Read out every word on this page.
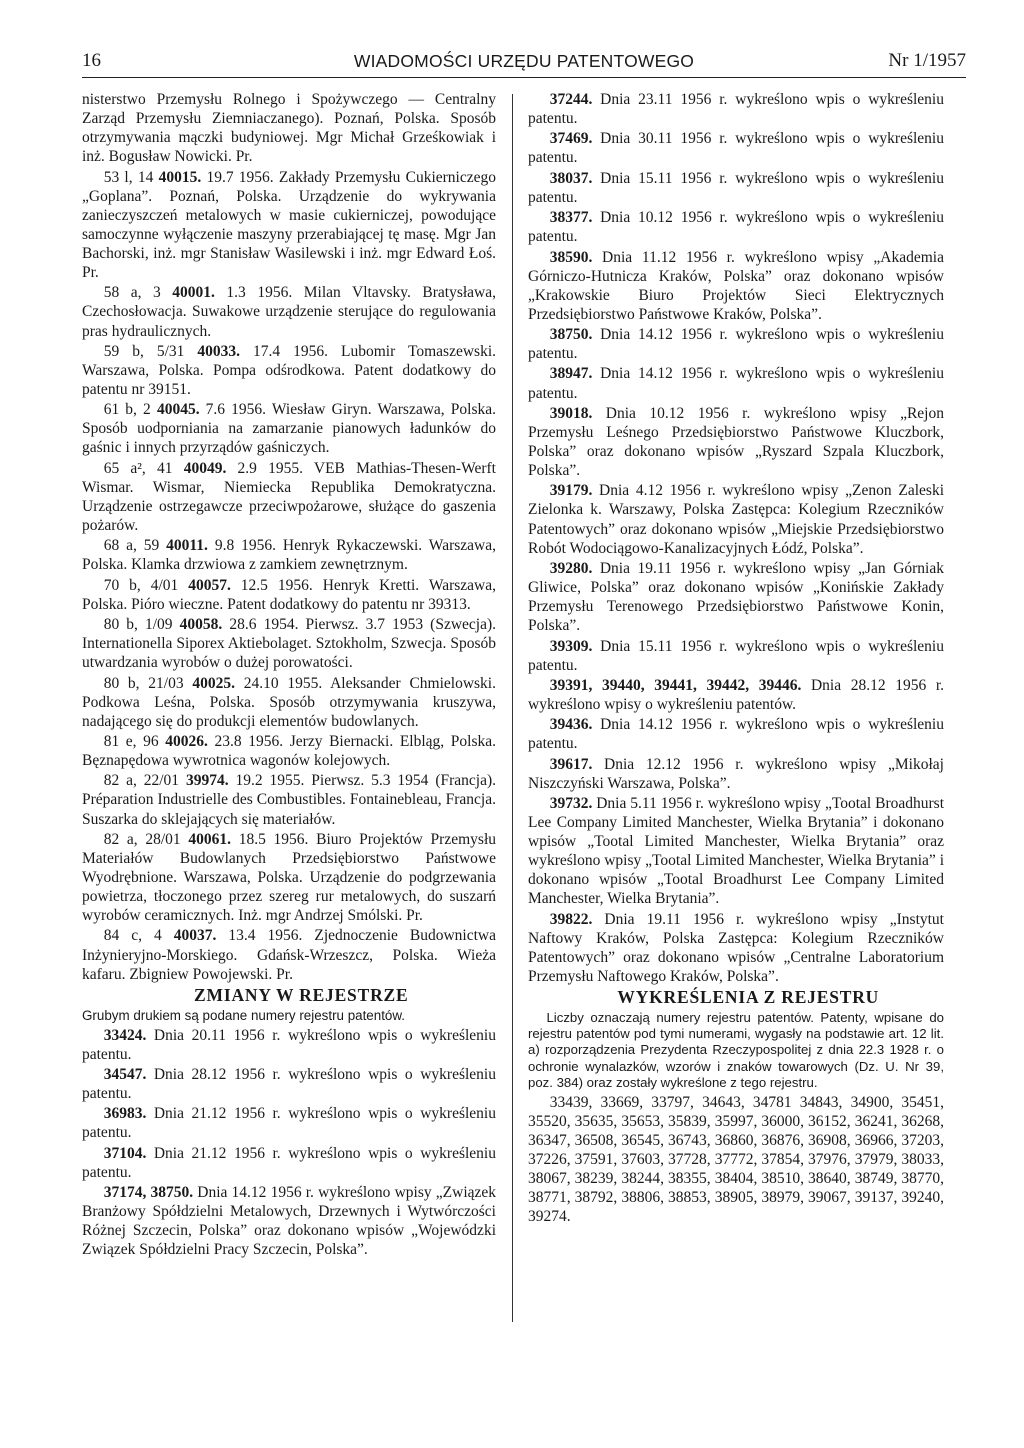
16	WIADOMOŚCI URZĘDU PATENTOWEGO	Nr 1/1957

nisterstwo Przemysłu Rolnego i Spożywczego — Centralny Zarząd Przemysłu Ziemniaczanego). Poznań, Polska. Sposób otrzymywania mączki budyniowej. Mgr Michał Grześkowiak i inż. Bogusław Nowicki. Pr.

53 l, 14 40015. 19.7 1956. Zakłady Przemysłu Cukierniczego „Goplana”. Poznań, Polska. Urządzenie do wykrywania zanieczyszczeń metalowych w masie cukierniczej, powodujące samoczynne wyłączenie maszyny przerabiającej tę masę. Mgr Jan Bachorski, inż. mgr Stanisław Wasilewski i inż. mgr Edward Łoś. Pr.

58 a, 3 40001. 1.3 1956. Milan Vltavsky. Bratysława, Czechosłowacja. Suwakowe urządzenie sterujące do regulowania pras hydraulicznych.

59 b, 5/31 40033. 17.4 1956. Lubomir Tomaszewski. Warszawa, Polska. Pompa odśrodkowa. Patent dodatkowy do patentu nr 39151.

61 b, 2 40045. 7.6 1956. Wiesław Giryn. Warszawa, Polska. Sposób uodporniania na zamarzanie pianowych ładunków do gaśnic i innych przyrządów gaśniczych.

65 a², 41 40049. 2.9 1955. VEB Mathias-Thesen-Werft Wismar. Wismar, Niemiecka Republika Demokratyczna. Urządzenie ostrzegawcze przeciwpożarowe, służące do gaszenia pożarów.

68 a, 59 40011. 9.8 1956. Henryk Rykaczewski. Warszawa, Polska. Klamka drzwiowa z zamkiem zewnętrznym.

70 b, 4/01 40057. 12.5 1956. Henryk Kretti. Warszawa, Polska. Pióro wieczne. Patent dodatkowy do patentu nr 39313.

80 b, 1/09 40058. 28.6 1954. Pierwsz. 3.7 1953 (Szwecja). Internationella Siporex Aktiebolaget. Sztokholm, Szwecja. Sposób utwardzania wyrobów o dużej porowatości.

80 b, 21/03 40025. 24.10 1955. Aleksander Chmielowski. Podkowa Leśna, Polska. Sposób otrzymywania kruszywa, nadającego się do produkcji elementów budowlanych.

81 e, 96 40026. 23.8 1956. Jerzy Biernacki. Elbląg, Polska. Bęznapędowa wywrotnica wagonów kolejowych.

82 a, 22/01 39974. 19.2 1955. Pierwsz. 5.3 1954 (Francja). Préparation Industrielle des Combustibles. Fontainebleau, Francja. Suszarka do sklejających się materiałów.

82 a, 28/01 40061. 18.5 1956. Biuro Projektów Przemysłu Materiałów Budowlanych Przedsiębiorstwo Państwowe Wyodrębnione. Warszawa, Polska. Urządzenie do podgrzewania powietrza, tłoczonego przez szereg rur metalowych, do suszarń wyrobów ceramicznych. Inż. mgr Andrzej Smólski. Pr.

84 c, 4 40037. 13.4 1956. Zjednoczenie Budownictwa Inżynieryjno-Morskiego. Gdańsk-Wrzeszcz, Polska. Wieża kafaru. Zbigniew Powojewski. Pr.

ZMIANY W REJESTRZE

Grubym drukiem są podane numery rejestru patentów.

33424. Dnia 20.11 1956 r. wykreślono wpis o wykreśleniu patentu.

34547. Dnia 28.12 1956 r. wykreślono wpis o wykreśleniu patentu.

36983. Dnia 21.12 1956 r. wykreślono wpis o wykreśleniu patentu.

37104. Dnia 21.12 1956 r. wykreślono wpis o wykreśleniu patentu.

37174, 38750. Dnia 14.12 1956 r. wykreślono wpisy „Związek Branżowy Spółdzielni Metalowych, Drzewnych i Wytwórczości Różnej Szczecin, Polska” oraz dokonano wpisów „Wojewódzki Związek Spółdzielni Pracy Szczecin, Polska”.

37244. Dnia 23.11 1956 r. wykreślono wpis o wykreśleniu patentu.

37469. Dnia 30.11 1956 r. wykreślono wpis o wykreśleniu patentu.

38037. Dnia 15.11 1956 r. wykreślono wpis o wykreśleniu patentu.

38377. Dnia 10.12 1956 r. wykreślono wpis o wykreśleniu patentu.

38590. Dnia 11.12 1956 r. wykreślono wpisy „Akademia Górniczo-Hutnicza Kraków, Polska” oraz dokonano wpisów „Krakowskie Biuro Projektów Sieci Elektrycznych Przedsiębiorstwo Państwowe Kraków, Polska”.

38750. Dnia 14.12 1956 r. wykreślono wpis o wykreśleniu patentu.

38947. Dnia 14.12 1956 r. wykreślono wpis o wykreśleniu patentu.

39018. Dnia 10.12 1956 r. wykreślono wpisy „Rejon Przemysłu Leśnego Przedsiębiorstwo Państwowe Kluczbork, Polska” oraz dokonano wpisów „Ryszard Szpala Kluczbork, Polska”.

39179. Dnia 4.12 1956 r. wykreślono wpisy „Zenon Zaleski Zielonka k. Warszawy, Polska Zastępca: Kolegium Rzeczników Patentowych” oraz dokonano wpisów „Miejskie Przedsiębiorstwo Robót Wodociągowo-Kanalizacyjnych Łódź, Polska”.

39280. Dnia 19.11 1956 r. wykreślono wpisy „Jan Górniak Gliwice, Polska” oraz dokonano wpisów „Konińskie Zakłady Przemysłu Terenowego Przedsiębiorstwo Państwowe Konin, Polska”.

39309. Dnia 15.11 1956 r. wykreślono wpis o wykreśleniu patentu.

39391, 39440, 39441, 39442, 39446. Dnia 28.12 1956 r. wykreślono wpisy o wykreśleniu patentów.

39436. Dnia 14.12 1956 r. wykreślono wpis o wykreśleniu patentu.

39617. Dnia 12.12 1956 r. wykreślono wpisy „Mikołaj Niszczyński Warszawa, Polska”.

39732. Dnia 5.11 1956 r. wykreślono wpisy „Tootal Broadhurst Lee Company Limited Manchester, Wielka Brytania” i dokonano wpisów „Tootal Limited Manchester, Wielka Brytania” oraz wykreślono wpisy „Tootal Limited Manchester, Wielka Brytania” i dokonano wpisów „Tootal Broadhurst Lee Company Limited Manchester, Wielka Brytania”.

39822. Dnia 19.11 1956 r. wykreślono wpisy „Instytut Naftowy Kraków, Polska Zastępca: Kolegium Rzeczników Patentowych” oraz dokonano wpisów „Centralne Laboratorium Przemysłu Naftowego Kraków, Polska”.

WYKREŚLENIA Z REJESTRU

Liczby oznaczają numery rejestru patentów. Patenty, wpisane do rejestru patentów pod tymi numerami, wygasły na podstawie art. 12 lit. a) rozporządzenia Prezydenta Rzeczypospolitej z dnia 22.3 1928 r. o ochronie wynalazków, wzorów i znaków towarowych (Dz. U. Nr 39, poz. 384) oraz zostały wykreślone z tego rejestru.

33439, 33669, 33797, 34643, 34781 34843, 34900, 35451, 35520, 35635, 35653, 35839, 35997, 36000, 36152, 36241, 36268, 36347, 36508, 36545, 36743, 36860, 36876, 36908, 36966, 37203, 37226, 37591, 37603, 37728, 37772, 37854, 37976, 37979, 38033, 38067, 38239, 38244, 38355, 38404, 38510, 38640, 38749, 38770, 38771, 38792, 38806, 38853, 38905, 38979, 39067, 39137, 39240, 39274.
